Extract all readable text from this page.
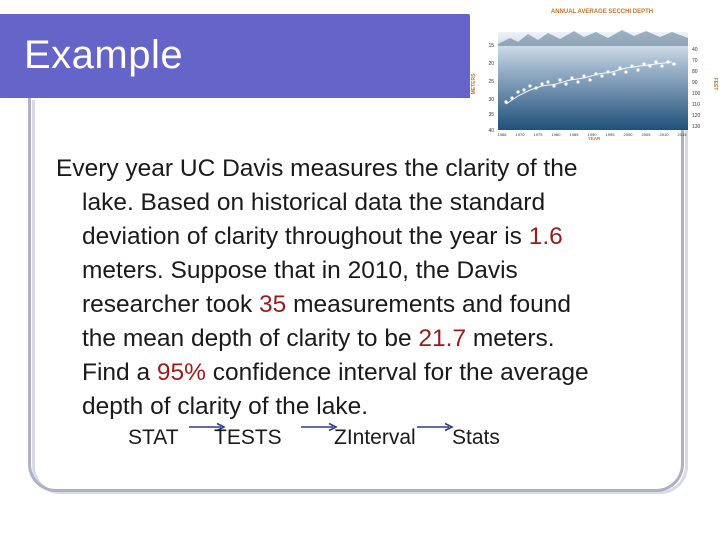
Example
ANNUAL AVERAGE SECCHI DEPTH
METERS	FEET
15
20
25
30
35
40
40
70
80
90
100
110
120
130
1968 1970 1975 1980 1985 1990 1995 2000 2005 2010 2015
YEAR
Every year UC Davis measures the clarity of the
lake. Based on historical data the standard
deviation of clarity throughout the year is 1.6
meters. Suppose that in 2010, the Davis
researcher took 35 measurements and found
the mean depth of clarity to be 21.7 meters.
Find a 95% confidence interval for the average
depth of clarity of the lake.
STAT TESTS ZInterval Stats
